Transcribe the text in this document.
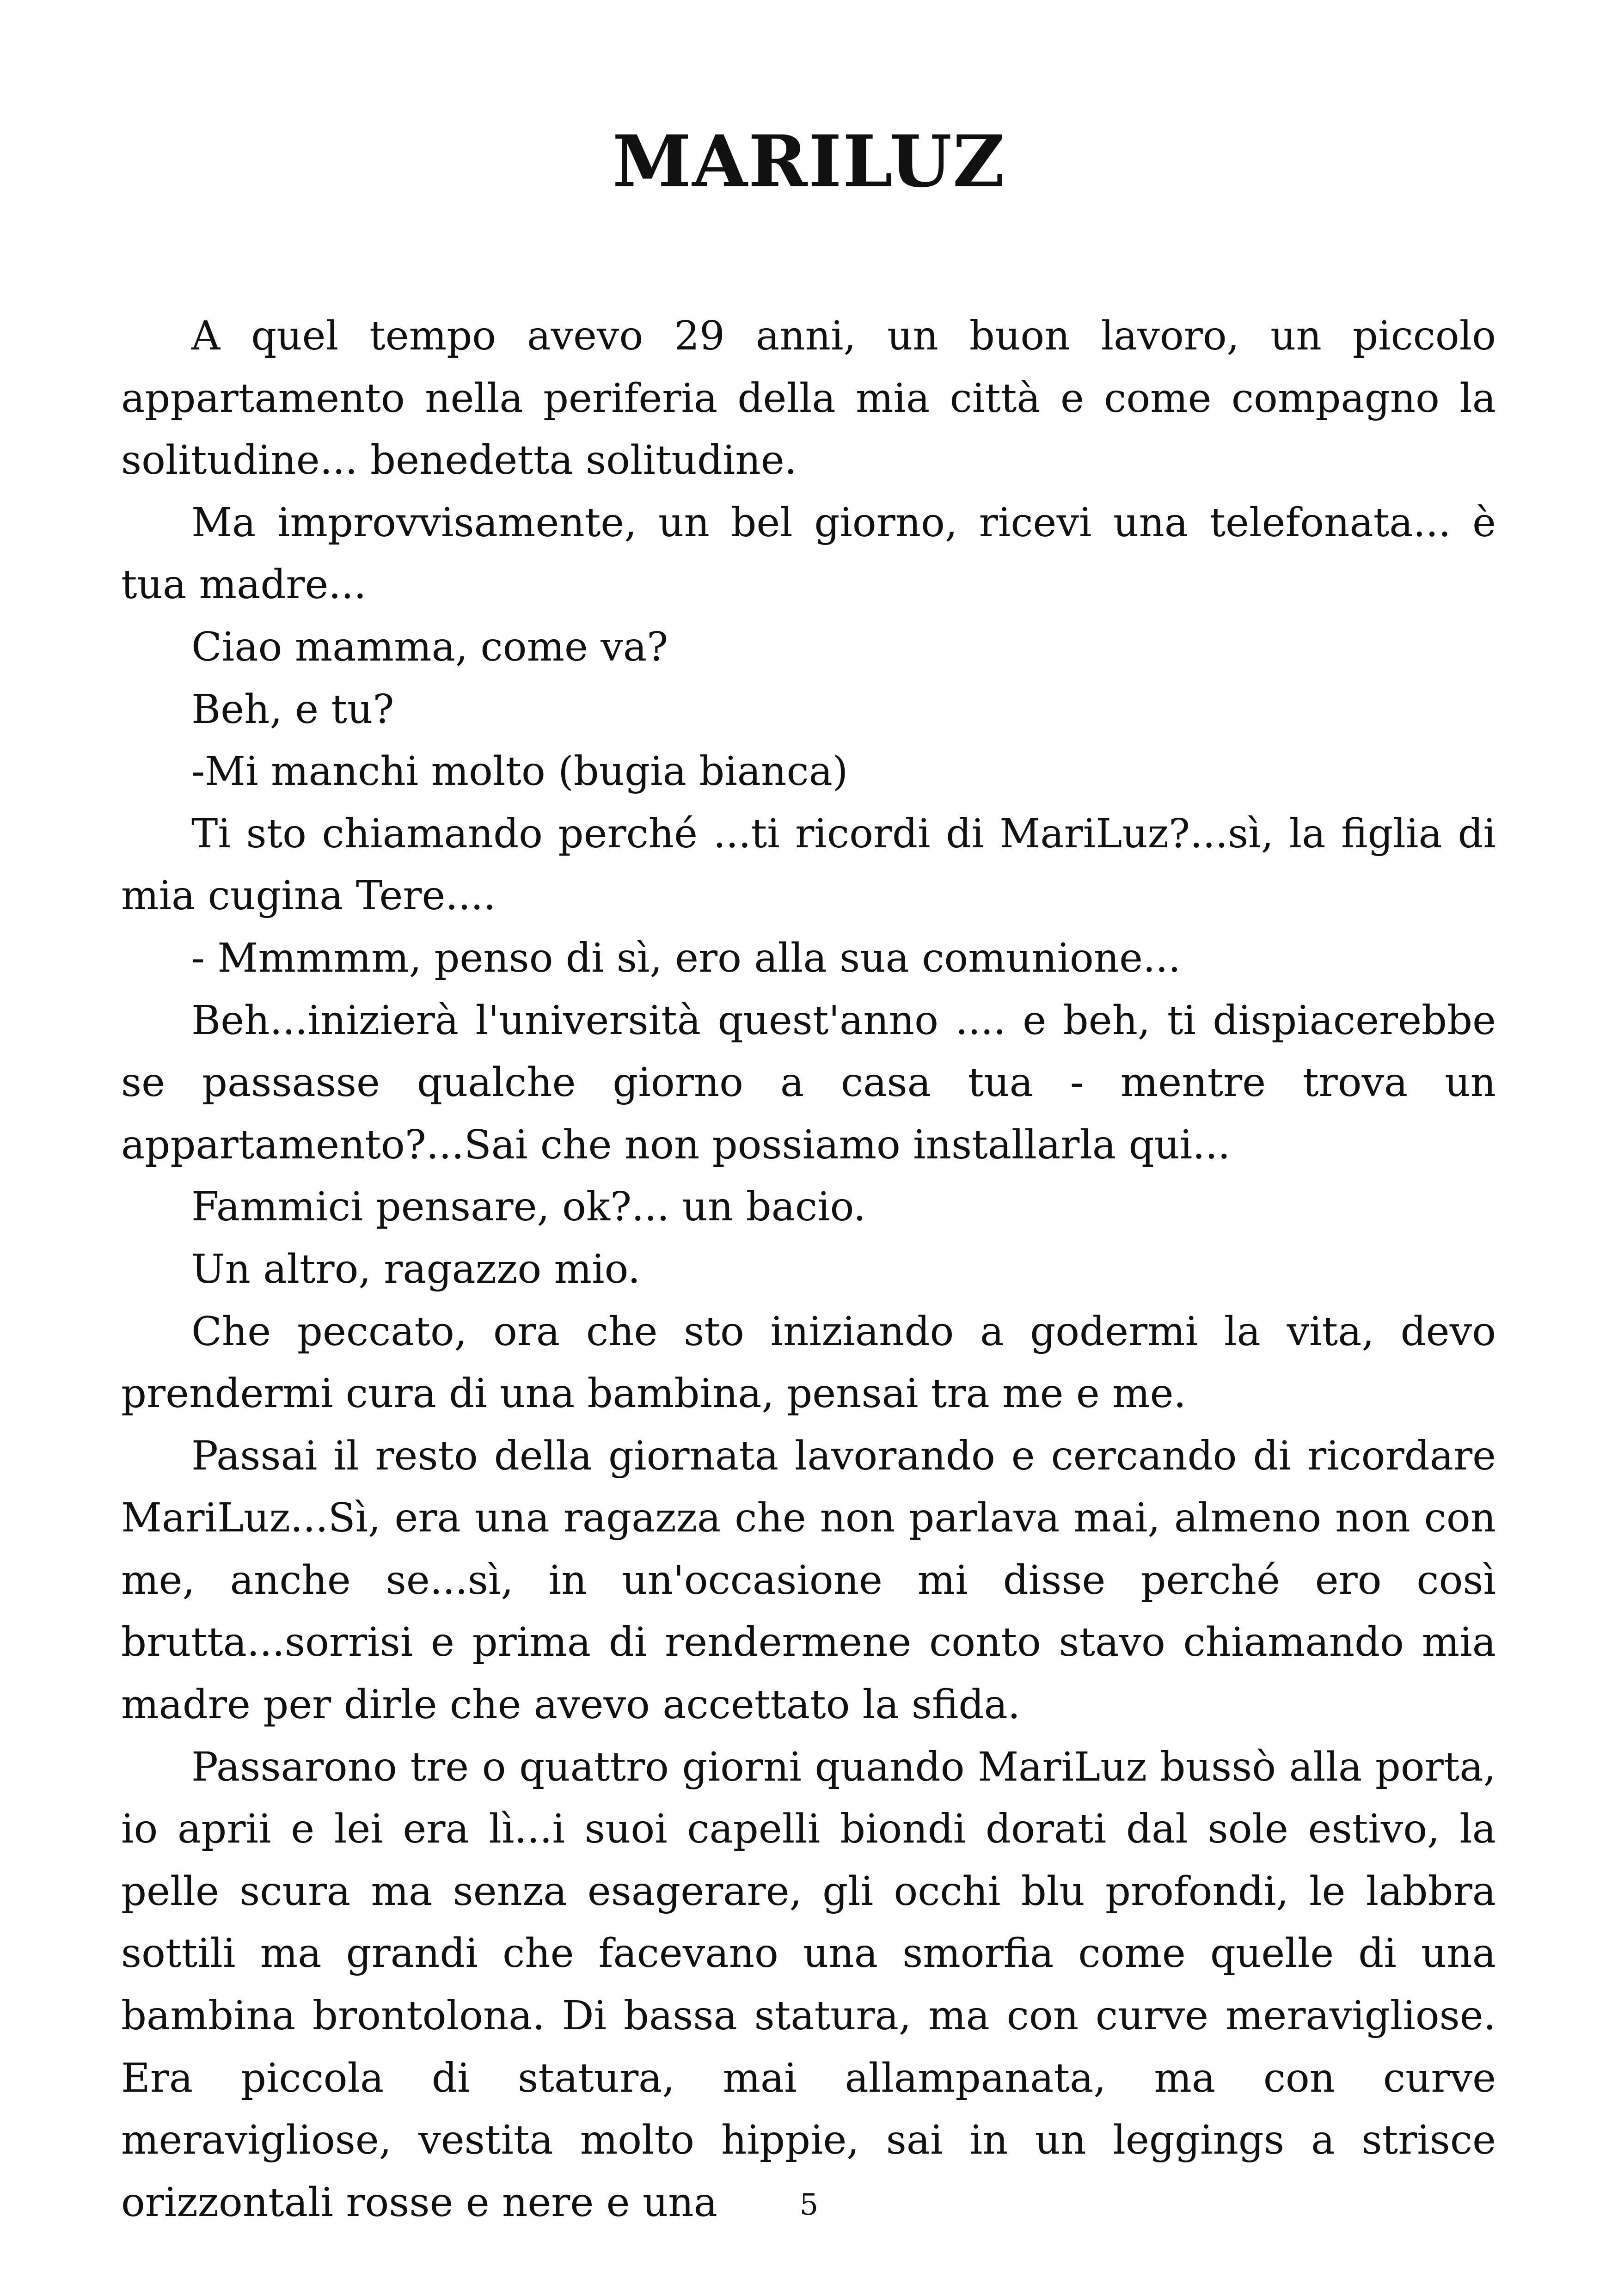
MARILUZ

A quel tempo avevo 29 anni, un buon lavoro, un piccolo appartamento nella periferia della mia città e come compagno la solitudine... benedetta solitudine.

Ma improvvisamente, un bel giorno, ricevi una telefonata... è tua madre...

Ciao mamma, come va?

Beh, e tu?

-Mi manchi molto (bugia bianca)

Ti sto chiamando perché ...ti ricordi di MariLuz?...sì, la figlia di mia cugina Tere....

- Mmmmm, penso di sì, ero alla sua comunione...

Beh...inizierà l'università quest'anno .... e beh, ti dispiacerebbe se passasse qualche giorno a casa tua - mentre trova un appartamento?...Sai che non possiamo installarla qui...

Fammici pensare, ok?... un bacio.

Un altro, ragazzo mio.

Che peccato, ora che sto iniziando a godermi la vita, devo prendermi cura di una bambina, pensai tra me e me.

Passai il resto della giornata lavorando e cercando di ricordare MariLuz...Sì, era una ragazza che non parlava mai, almeno non con me, anche se...sì, in un'occasione mi disse perché ero così brutta...sorrisi e prima di rendermene conto stavo chiamando mia madre per dirle che avevo accettato la sfida.

Passarono tre o quattro giorni quando MariLuz bussò alla porta, io aprii e lei era lì...i suoi capelli biondi dorati dal sole estivo, la pelle scura ma senza esagerare, gli occhi blu profondi, le labbra sottili ma grandi che facevano una smorfia come quelle di una bambina brontolona. Di bassa statura, ma con curve meravigliose. Era piccola di statura, mai allampanata, ma con curve meravigliose, vestita molto hippie, sai in un leggings a strisce orizzontali rosse e nere e una	5
